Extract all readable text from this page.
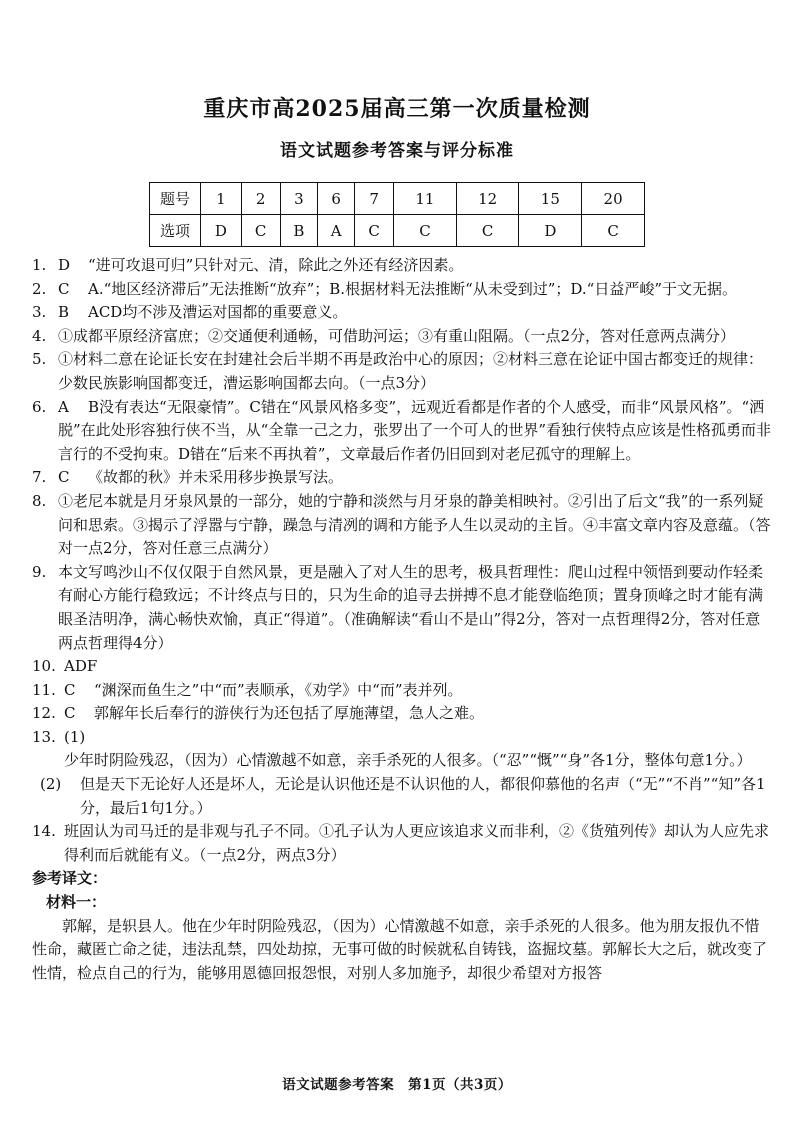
重庆市高2025届高三第一次质量检测
语文试题参考答案与评分标准
题号	1	2	3	6	7	11	12	15	20
选项	D	C	B	A	C	C	C	D	C
1. D “进可攻退可归”只针对元、清，除此之外还有经济因素。
2. C A.“地区经济滞后”无法推断“放弃”；B.根据材料无法推断“从未受到过”；D.“日益严峻”于文无据。
3. B ACD均不涉及漕运对国都的重要意义。
4. ①成都平原经济富庶；②交通便利通畅，可借助河运；③有重山阻隔。（一点2分，答对任意两点满分）
5. ①材料二意在论证长安在封建社会后半期不再是政治中心的原因；②材料三意在论证中国古都变迁的规律：少数民族影响国都变迁，漕运影响国都去向。（一点3分）
6. A B没有表达“无限豪情”。C错在“风景风格多变”，远观近看都是作者的个人感受，而非“风景风格”。“洒脱”在此处形容独行侠不当，从“全靠一己之力，张罗出了一个可人的世界”看独行侠特点应该是性格孤勇而非言行的不受拘束。D错在“后来不再执着”，文章最后作者仍旧回到对老尼孤守的理解上。
7. C 《故都的秋》并未采用移步换景写法。
8. ①老尼本就是月牙泉风景的一部分，她的宁静和淡然与月牙泉的静美相映衬。②引出了后文“我”的一系列疑问和思索。③揭示了浮嚣与宁静，躁急与清冽的调和方能予人生以灵动的主旨。④丰富文章内容及意蕴。（答对一点2分，答对任意三点满分）
9. 本文写鸣沙山不仅仅限于自然风景，更是融入了对人生的思考，极具哲理性：爬山过程中领悟到要动作轻柔有耐心方能行稳致远；不计终点与日的，只为生命的追寻去拼搏不息才能登临绝顶；置身顶峰之时才能有满眼圣洁明净，满心畅快欢愉，真正“得道”。（准确解读“看山不是山”得2分，答对一点哲理得2分，答对任意两点哲理得4分）
10. ADF
11. C “渊深而鱼生之”中“而”表顺承，《劝学》中“而”表并列。
12. C 郭解年长后奉行的游侠行为还包括了厚施薄望，急人之难。
13. (1)少年时阴险残忍，（因为）心情激越不如意，亲手杀死的人很多。（“忍”“慨”“身”各1分，整体句意1分。）
(2)	但是天下无论好人还是坏人，无论是认识他还是不认识他的人，都很仰慕他的名声（“无”“不肖”“知”各1分，最后1句1分。）
14. 班固认为司马迁的是非观与孔子不同。①孔子认为人更应该追求义而非利，②《货殖列传》却认为人应先求得利而后就能有义。（一点2分，两点3分）
参考译文：
材料一：
郭解，是轵县人。他在少年时阴险残忍，（因为）心情激越不如意，亲手杀死的人很多。他为朋友报仇不惜性命，藏匿亡命之徒，违法乱禁，四处劫掠，无事可做的时候就私自铸钱，盗掘坟墓。郭解长大之后，就改变了性情，检点自己的行为，能够用恩德回报怨恨，对别人多加施予，却很少希望对方报答
语文试题参考答案　第1页（共3页）
